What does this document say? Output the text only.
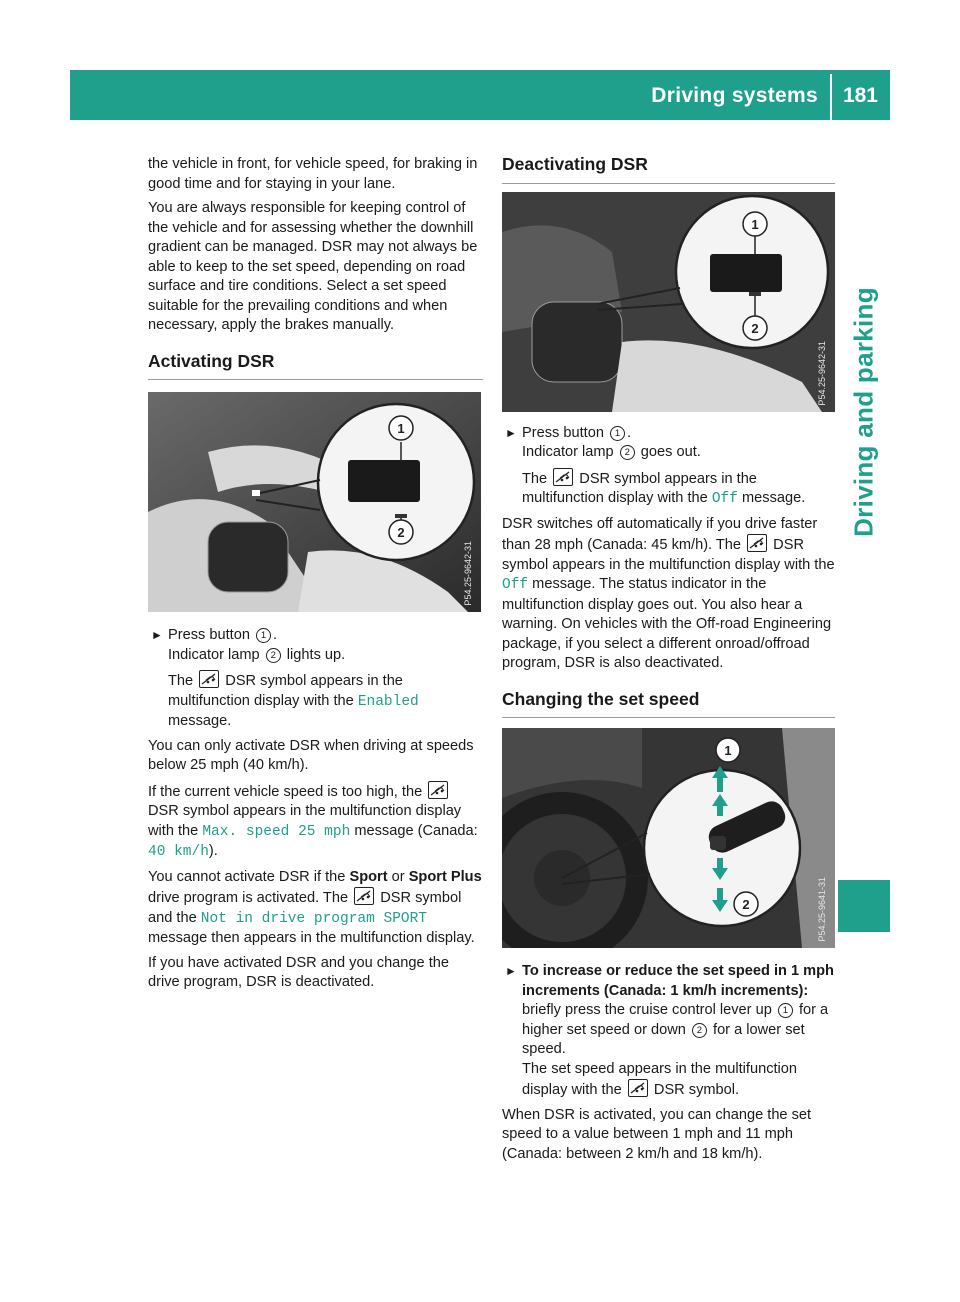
Driving systems 181
Driving and parking

the vehicle in front, for vehicle speed, for braking in good time and for staying in your lane.

You are always responsible for keeping control of the vehicle and for assessing whether the downhill gradient can be managed. DSR may not always be able to keep to the set speed, depending on road surface and tire conditions. Select a set speed suitable for the prevailing conditions and when necessary, apply the brakes manually.

Activating DSR
1
2
P54.25-9642-31
► Press button 1 .
Indicator lamp 2 lights up.
The DSR symbol appears in the multifunction display with the Enabled message.

You can only activate DSR when driving at speeds below 25 mph (40 km/h).

If the current vehicle speed is too high, the
DSR symbol appears in the multifunction display with the Max. speed 25 mph message (Canada: 40 km/h).

You cannot activate DSR if the Sport or Sport Plus drive program is activated. The DSR symbol and the Not in drive program SPORT message then appears in the multifunction display.

If you have activated DSR and you change the drive program, DSR is deactivated.

Deactivating DSR
1
2
P54.25-9642-31
► Press button 1 .
Indicator lamp 2 goes out.
The DSR symbol appears in the multifunction display with the Off message.

DSR switches off automatically if you drive faster than 28 mph (Canada: 45 km/h). The DSR symbol appears in the multifunction display with the Off message. The status indicator in the multifunction display goes out. You also hear a warning. On vehicles with the Off-road Engineering package, if you select a different onroad/offroad program, DSR is also deactivated.

Changing the set speed
1
2	P54.25-9641-31
► To increase or reduce the set speed in 1 mph increments (Canada: 1 km/h increments): briefly press the cruise control lever up 1 for a higher set speed or down 2 for a lower set speed.
The set speed appears in the multifunction display with the DSR symbol.

When DSR is activated, you can change the set speed to a value between 1 mph and 11 mph (Canada: between 2 km/h and 18 km/h).
